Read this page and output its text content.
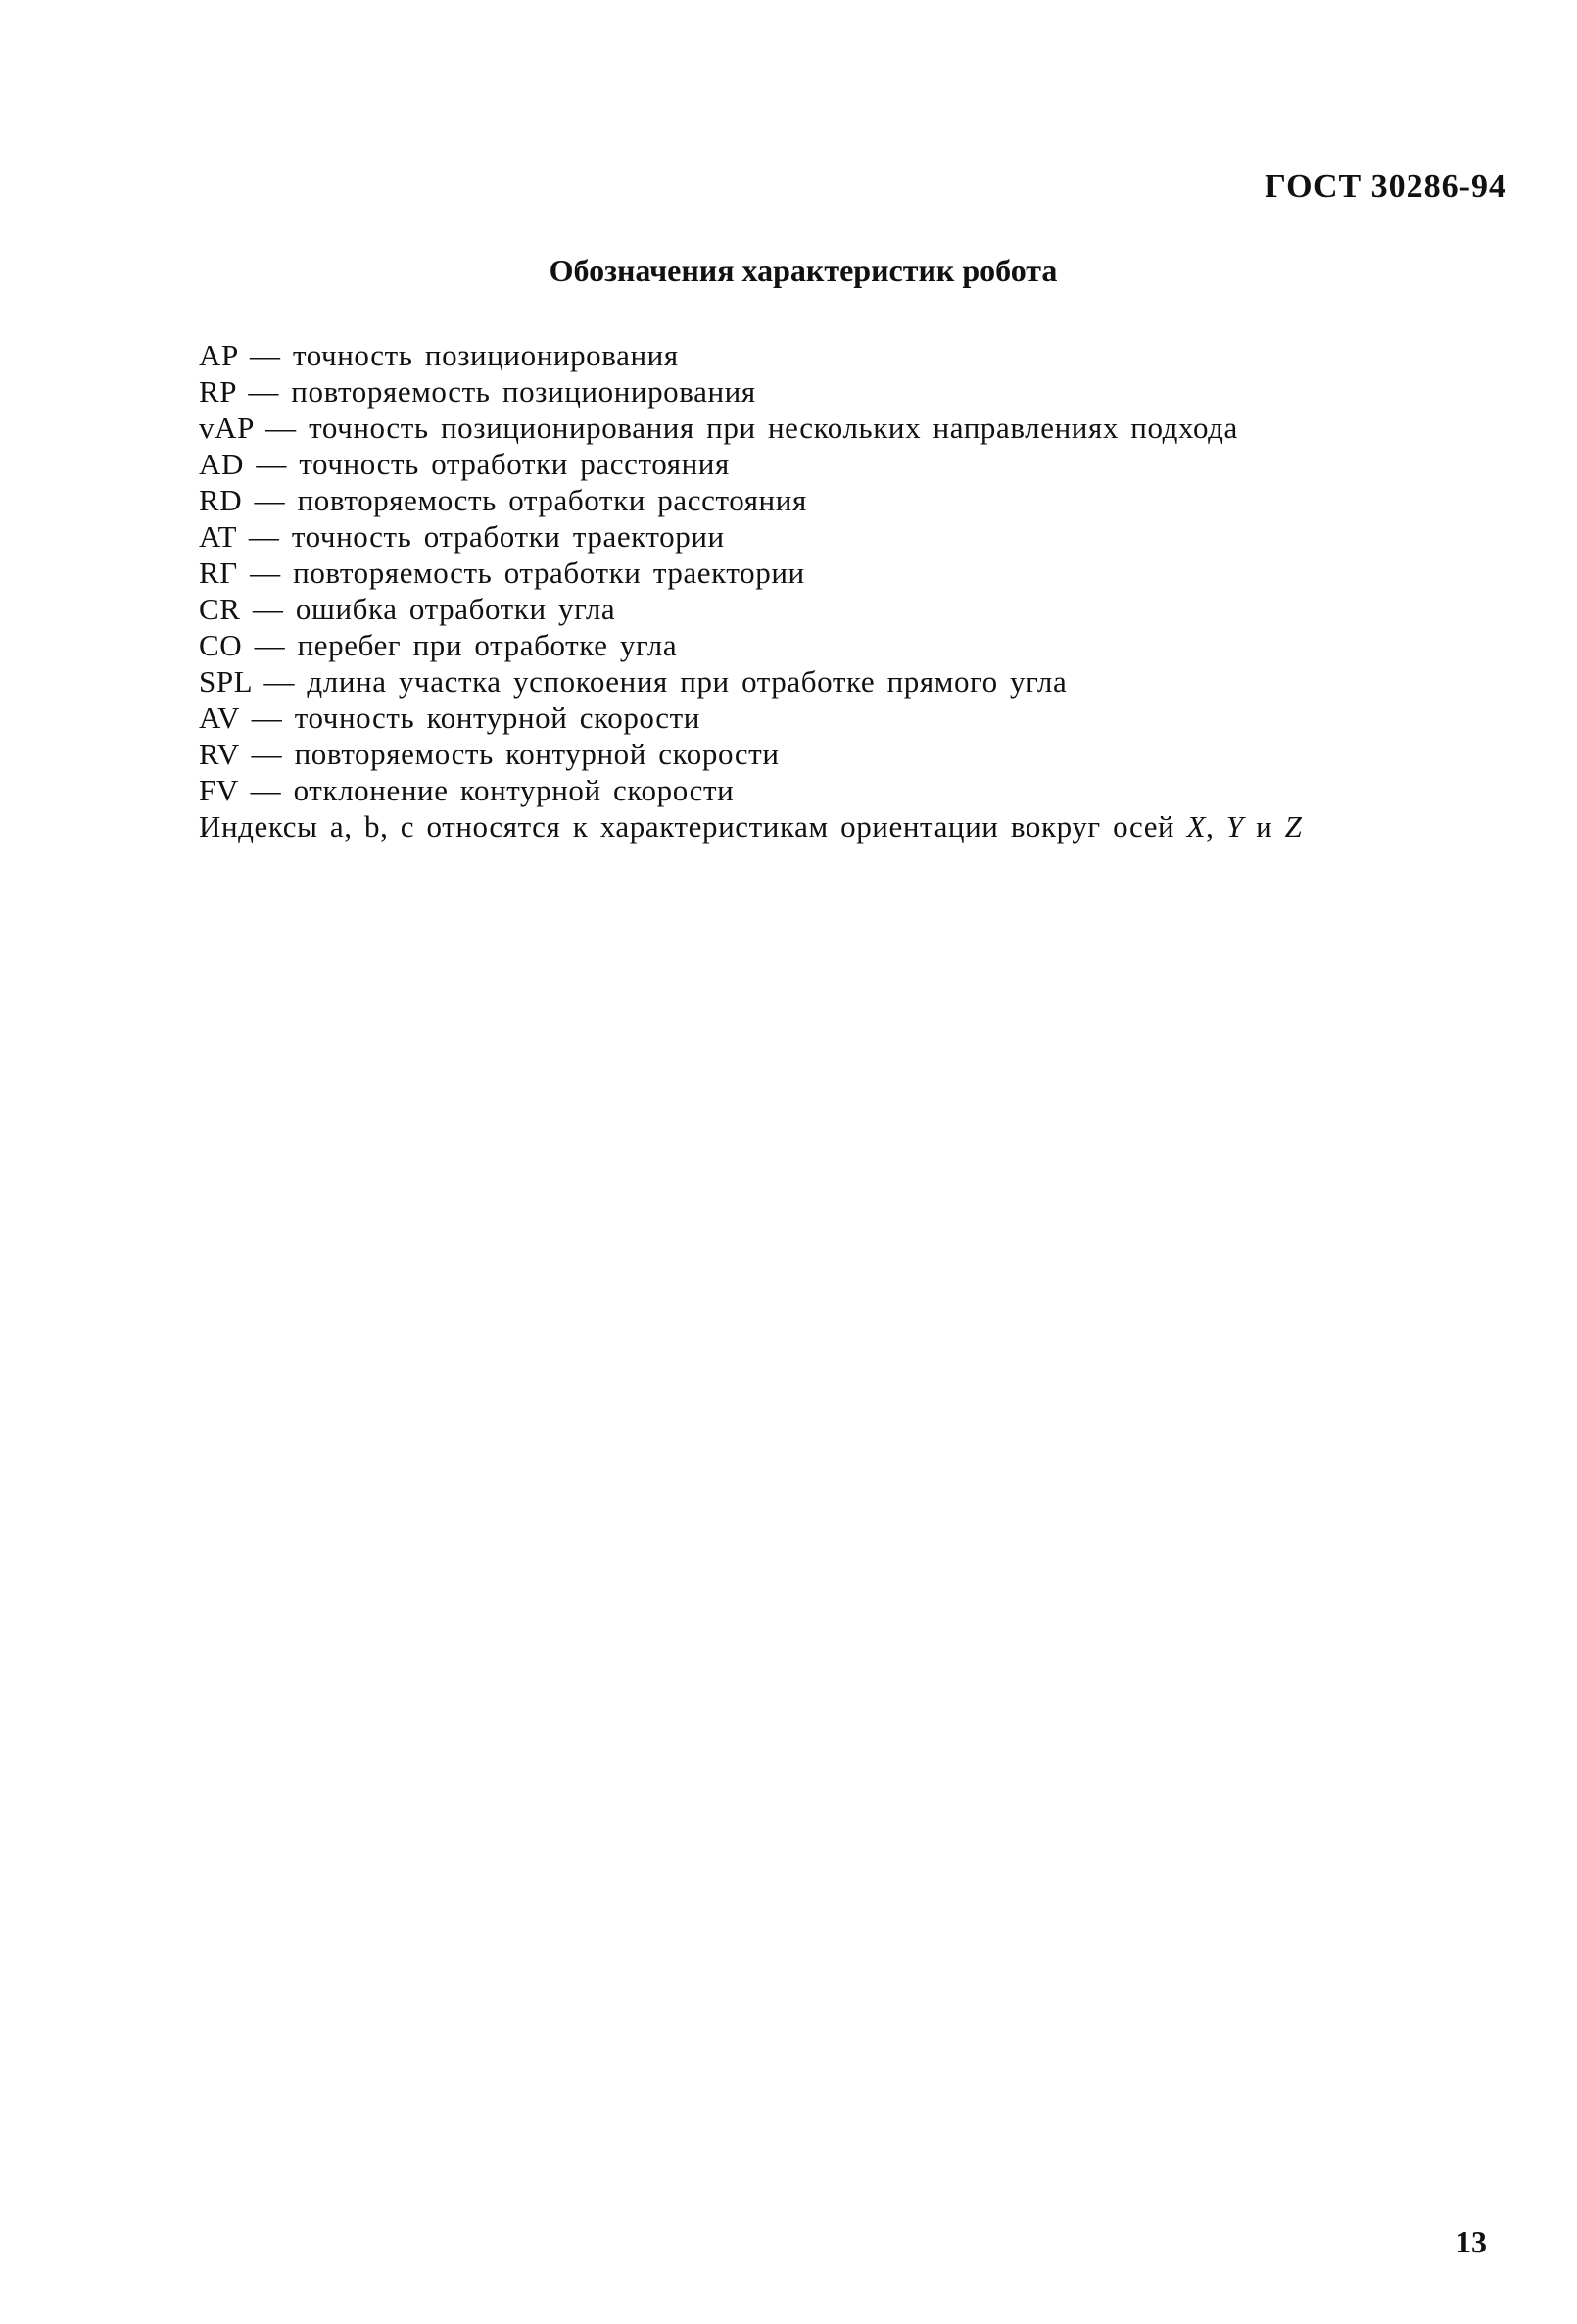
ГОСТ 30286-94
Обозначения характеристик робота
AP — точность позиционирования
RP — повторяемость позиционирования
vAP — точность позиционирования при нескольких направлениях подхода
AD — точность отработки расстояния
RD — повторяемость отработки расстояния
AT — точность отработки траектории
RГ — повторяемость отработки траектории
CR — ошибка отработки угла
CO — перебег при отработке угла
SPL — длина участка успокоения при отработке прямого угла
AV — точность контурной скорости
RV — повторяемость контурной скорости
FV — отклонение контурной скорости
Индексы a, b, c относятся к характеристикам ориентации вокруг осей X, Y и Z
13
